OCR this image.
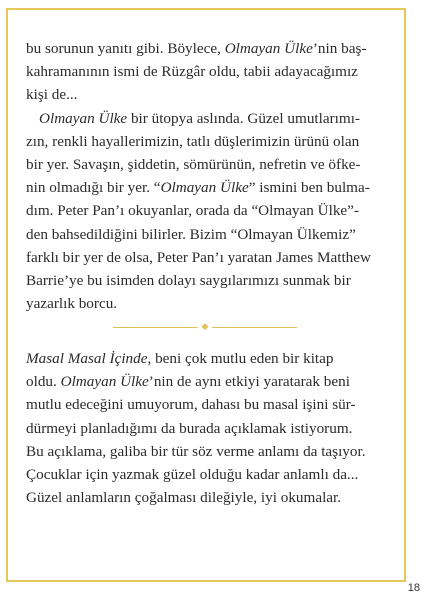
bu sorunun yanıtı gibi. Böylece, Olmayan Ülke’nin baş-
kahramanının ismi de Rüzgâr oldu, tabii adayacağımız
kişi de...

Olmayan Ülke bir ütopya aslında. Güzel umutlarımı-

zın, renkli hayallerimizin, tatlı düşlerimizin ürünü olan
bir yer. Savaşın, şiddetin, sömürünün, nefretin ve öfke-
nin olmadığı bir yer. “Olmayan Ülke” ismini ben bulma-
dım. Peter Pan’ı okuyanlar, orada da “Olmayan Ülke”-
den bahsedildiğini bilirler. Bizim “Olmayan Ülkemiz”
farklı bir yer de olsa, Peter Pan’ı yaratan James Matthew
Barrie’ye bu isimden dolayı saygılarımızı sunmak bir
yazarlık borcu.

◆

Masal Masal İçinde, beni çok mutlu eden bir kitap
oldu. Olmayan Ülke’nin de aynı etkiyi yaratarak beni
mutlu edeceğini umuyorum, dahası bu masal işini sür-
dürmeyi planladığımı da burada açıklamak istiyorum.
Bu açıklama, galiba bir tür söz verme anlamı da taşıyor.
Çocuklar için yazmak güzel olduğu kadar anlamlı da...
Güzel anlamların çoğalması dileğiyle, iyi okumalar.

18
